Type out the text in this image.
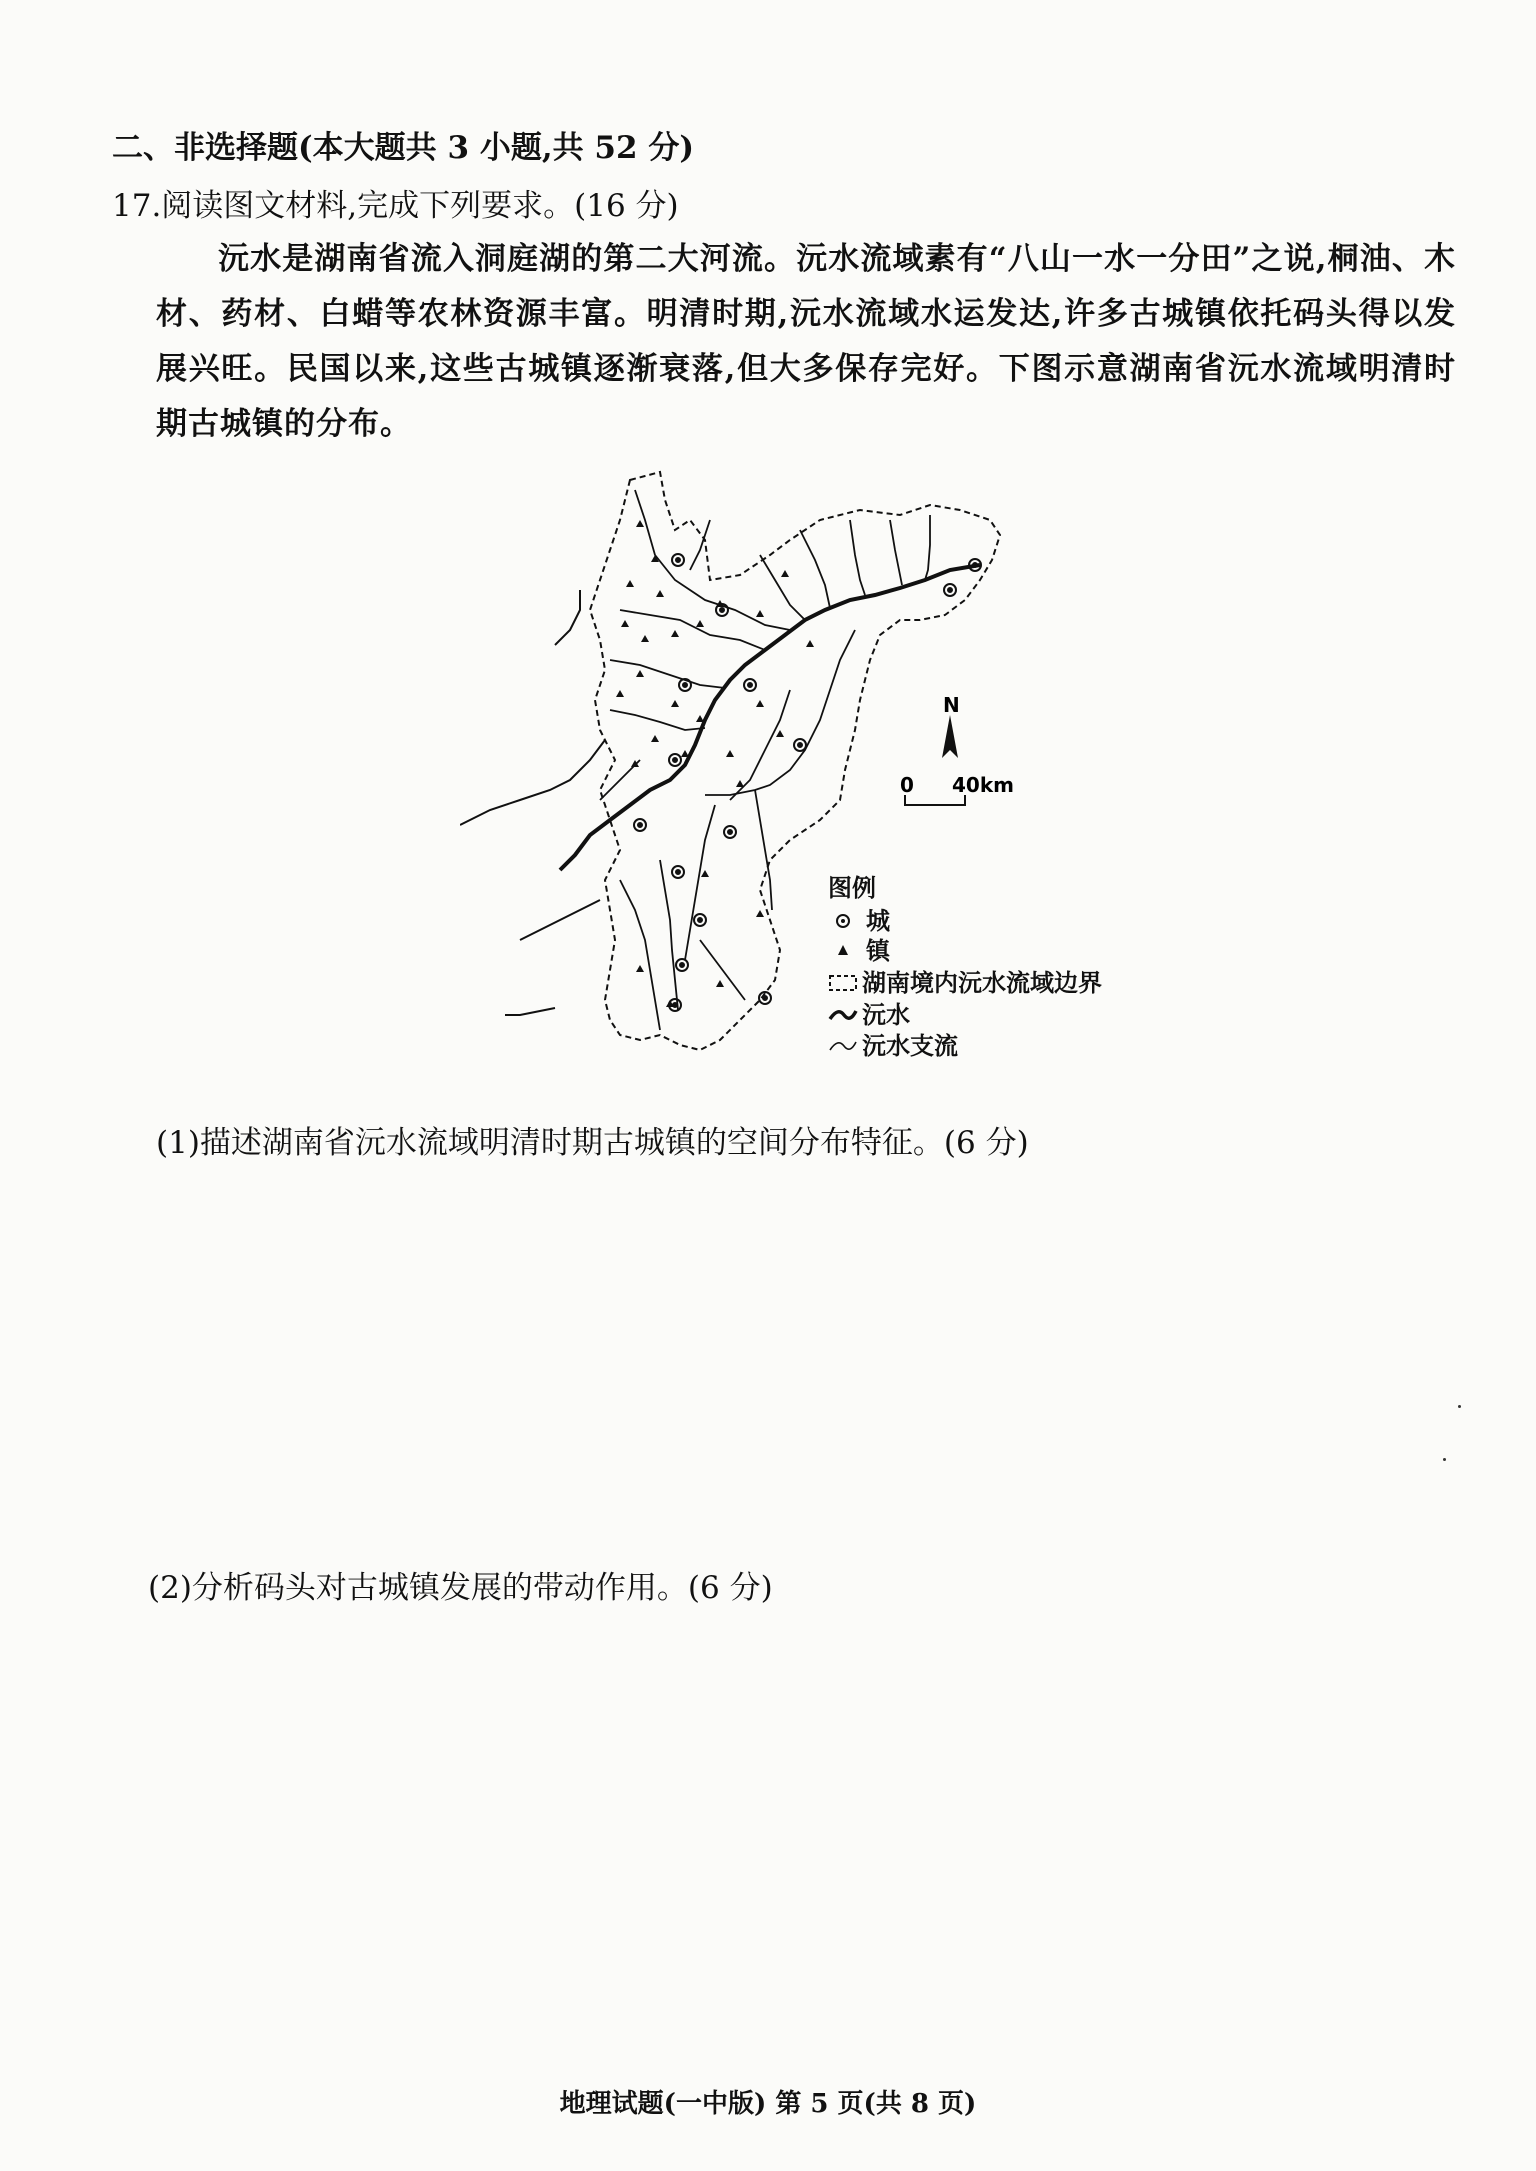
二、非选择题(本大题共 3 小题,共 52 分)
17.阅读图文材料,完成下列要求。(16 分)
沅水是湖南省流入洞庭湖的第二大河流。沅水流域素有“八山一水一分田”之说,桐油、木材、药材、白蜡等农林资源丰富。明清时期,沅水流域水运发达,许多古城镇依托码头得以发展兴旺。民国以来,这些古城镇逐渐衰落,但大多保存完好。下图示意湖南省沅水流域明清时期古城镇的分布。
N
0 40km
图例
城
镇
湖南境内沅水流域边界
沅水
沅水支流
(1)描述湖南省沅水流域明清时期古城镇的空间分布特征。(6 分)
(2)分析码头对古城镇发展的带动作用。(6 分)
地理试题(一中版) 第 5 页(共 8 页)
